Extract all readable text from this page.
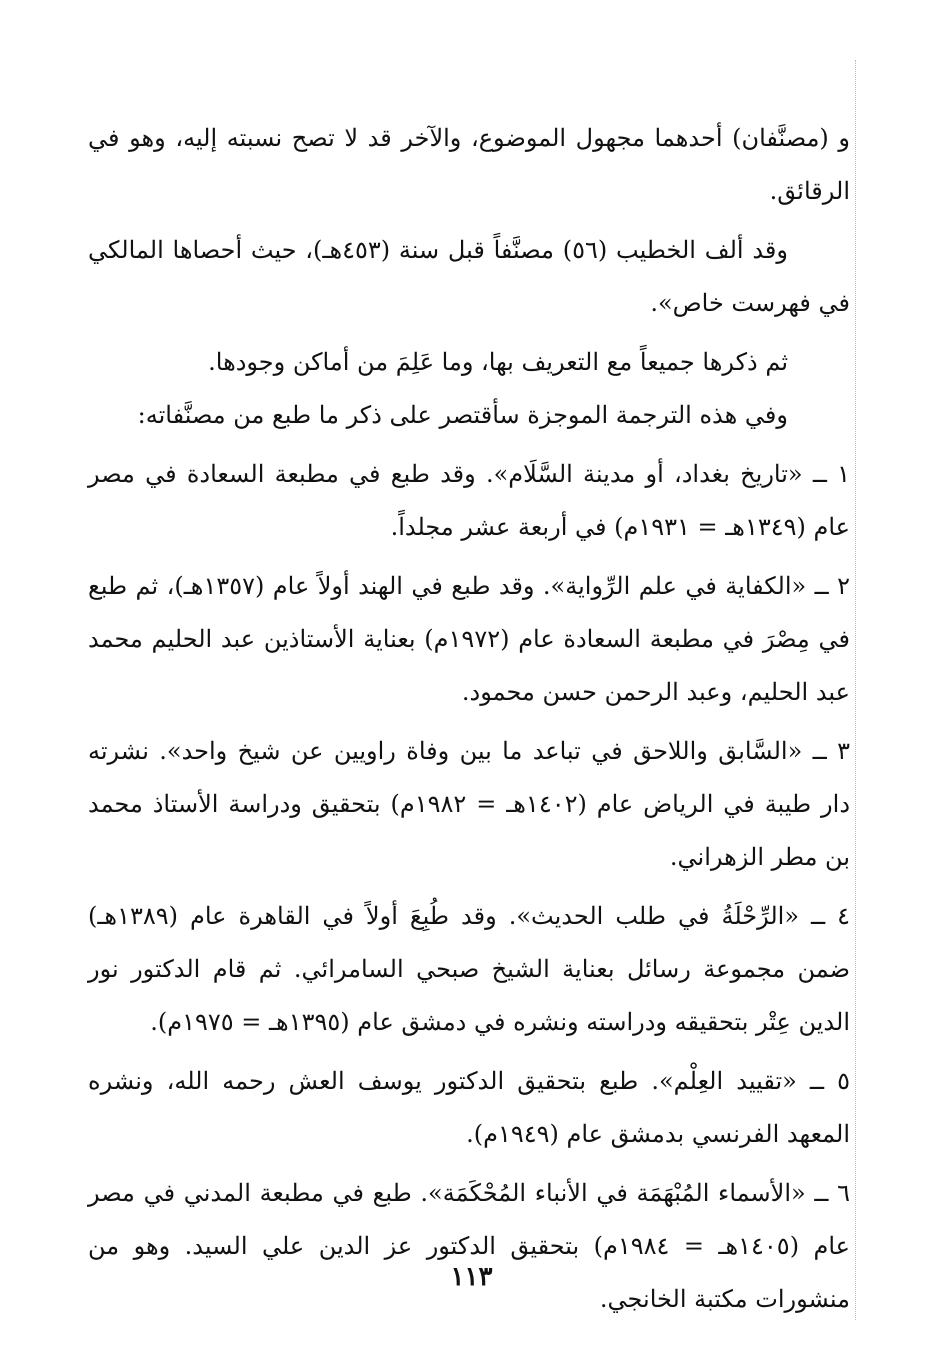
و (مصنَّفان) أحدهما مجهول الموضوع، والآخر قد لا تصح نسبته إليه، وهو في الرقائق.

وقد ألف الخطيب (٥٦) مصنَّفاً قبل سنة (٤٥٣هـ)، حيث أحصاها المالكي في فهرست خاص».

ثم ذكرها جميعاً مع التعريف بها، وما عَلِمَ من أماكن وجودها.

وفي هذه الترجمة الموجزة سأقتصر على ذكر ما طبع من مصنَّفاته:

١ ــ «تاريخ بغداد، أو مدينة السَّلَام». وقد طبع في مطبعة السعادة في مصر عام (١٣٤٩هـ = ١٩٣١م) في أربعة عشر مجلداً.

٢ ــ «الكفاية في علم الرِّواية». وقد طبع في الهند أولاً عام (١٣٥٧هـ)، ثم طبع في مِصْرَ في مطبعة السعادة عام (١٩٧٢م) بعناية الأستاذين عبد الحليم محمد عبد الحليم، وعبد الرحمن حسن محمود.

٣ ــ «السَّابق واللاحق في تباعد ما بين وفاة راويين عن شيخ واحد». نشرته دار طيبة في الرياض عام (١٤٠٢هـ = ١٩٨٢م) بتحقيق ودراسة الأستاذ محمد بن مطر الزهراني.

٤ ــ «الرِّحْلَةُ في طلب الحديث». وقد طُبِعَ أولاً في القاهرة عام (١٣٨٩هـ) ضمن مجموعة رسائل بعناية الشيخ صبحي السامرائي. ثم قام الدكتور نور الدين عِتْر بتحقيقه ودراسته ونشره في دمشق عام (١٣٩٥هـ = ١٩٧٥م).

٥ ــ «تقييد العِلْم». طبع بتحقيق الدكتور يوسف العش رحمه الله، ونشره المعهد الفرنسي بدمشق عام (١٩٤٩م).

٦ ــ «الأسماء المُبْهَمَة في الأنباء المُحْكَمَة». طبع في مطبعة المدني في مصر عام (١٤٠٥هـ = ١٩٨٤م) بتحقيق الدكتور عز الدين علي السيد. وهو من منشورات مكتبة الخانجي.

١١٣
